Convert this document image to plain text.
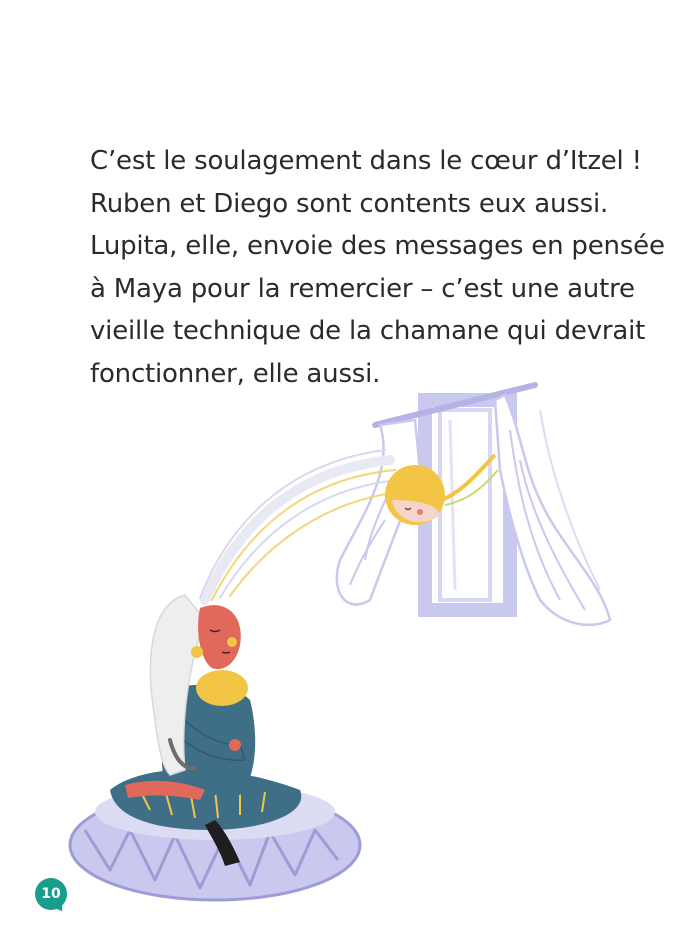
C’est le soulagement dans le cœur d’Itzel !
Ruben et Diego sont contents eux aussi.
Lupita, elle, envoie des messages en pensée
à Maya pour la remercier – c’est une autre
vieille technique de la chamane qui devrait
fonctionner, elle aussi.
10
